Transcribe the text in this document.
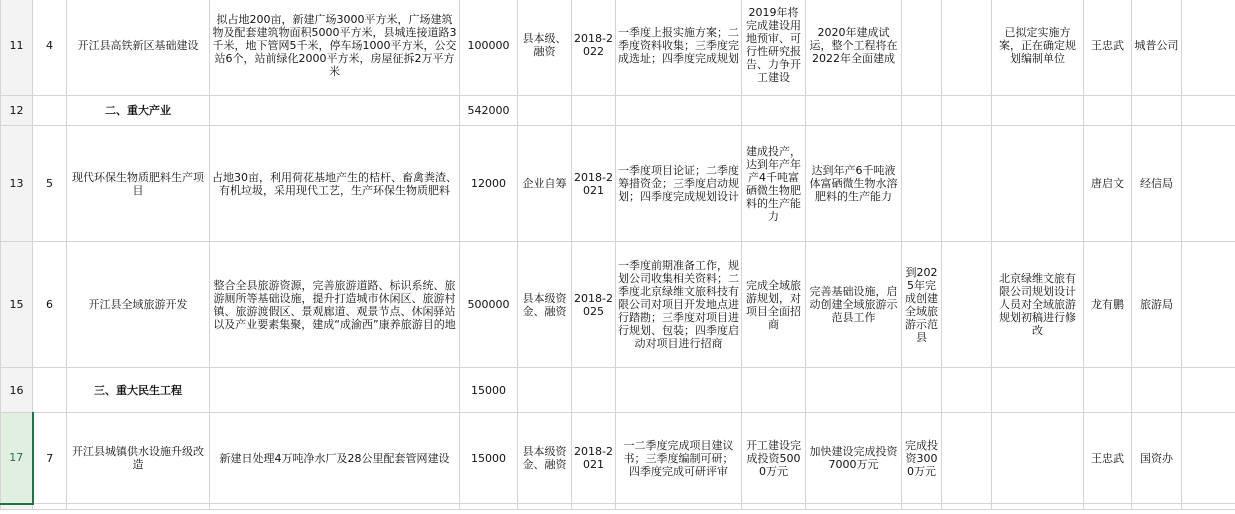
11	4	开江县高铁新区基础建设	拟占地200亩，新建广场3000平方米，广场建筑物及配套建筑物面积5000平方米，县城连接道路3千米，地下管网5千米，停车场1000平方米，公交站6个，站前绿化2000平方米，房屋征拆2万平方米	100000	县本级、融资	2018-2022	一季度上报实施方案；二季度资料收集；三季度完成选址；四季度完成规划	2019年将完成建设用地预审、可行性研究报告、力争开工建设	2020年建成试运，整个工程将在2022年全面建成			已拟定实施方案，正在确定规划编制单位	王忠武	城普公司	
12		二、重大产业		542000											
13	5	现代环保生物质肥料生产项目	占地30亩，利用荷花基地产生的桔杆、畜禽粪渣、有机垃圾，采用现代工艺，生产环保生物质肥料	12000	企业自筹	2018-2021	一季度项目论证；二季度筹措资金；三季度启动规划；四季度完成规划设计	建成投产，达到年产年产4千吨富硒微生物肥料的生产能力	达到年产6千吨液体富硒微生物水溶肥料的生产能力				唐启文	经信局	
15	6	开江县全域旅游开发	整合全县旅游资源，完善旅游道路、标识系统、旅游厕所等基础设施，提升打造城市休闲区、旅游村镇、旅游渡假区、景观廊道、观景节点、休闲驿站以及产业要素集聚，建成“成渝西”康养旅游目的地	500000	县本级资金、融资	2018-2025	一季度前期准备工作，规划公司收集相关资料；二季度北京绿维文旅科技有限公司对项目开发地点进行踏勘；三季度对项目进行规划、包装；四季度启动对项目进行招商	完成全域旅游规划，对项目全面招商	完善基础设施，启动创建全域旅游示范县工作	到2025年完成创建全域旅游示范县		北京绿维文旅有限公司规划设计人员对全域旅游规划初稿进行修改	龙有鹏	旅游局	
16		三、重大民生工程		15000											
17	7	开江县城镇供水设施升级改造	新建日处理4万吨净水厂及28公里配套管网建设	15000	县本级资金、融资	2018-2021	一二季度完成项目建议书；三季度编制可研； 四季度完成可研评审	开工建设完成投资5000万元	加快建设完成投资7000万元	完成投资3000万元			王忠武	国资办	
